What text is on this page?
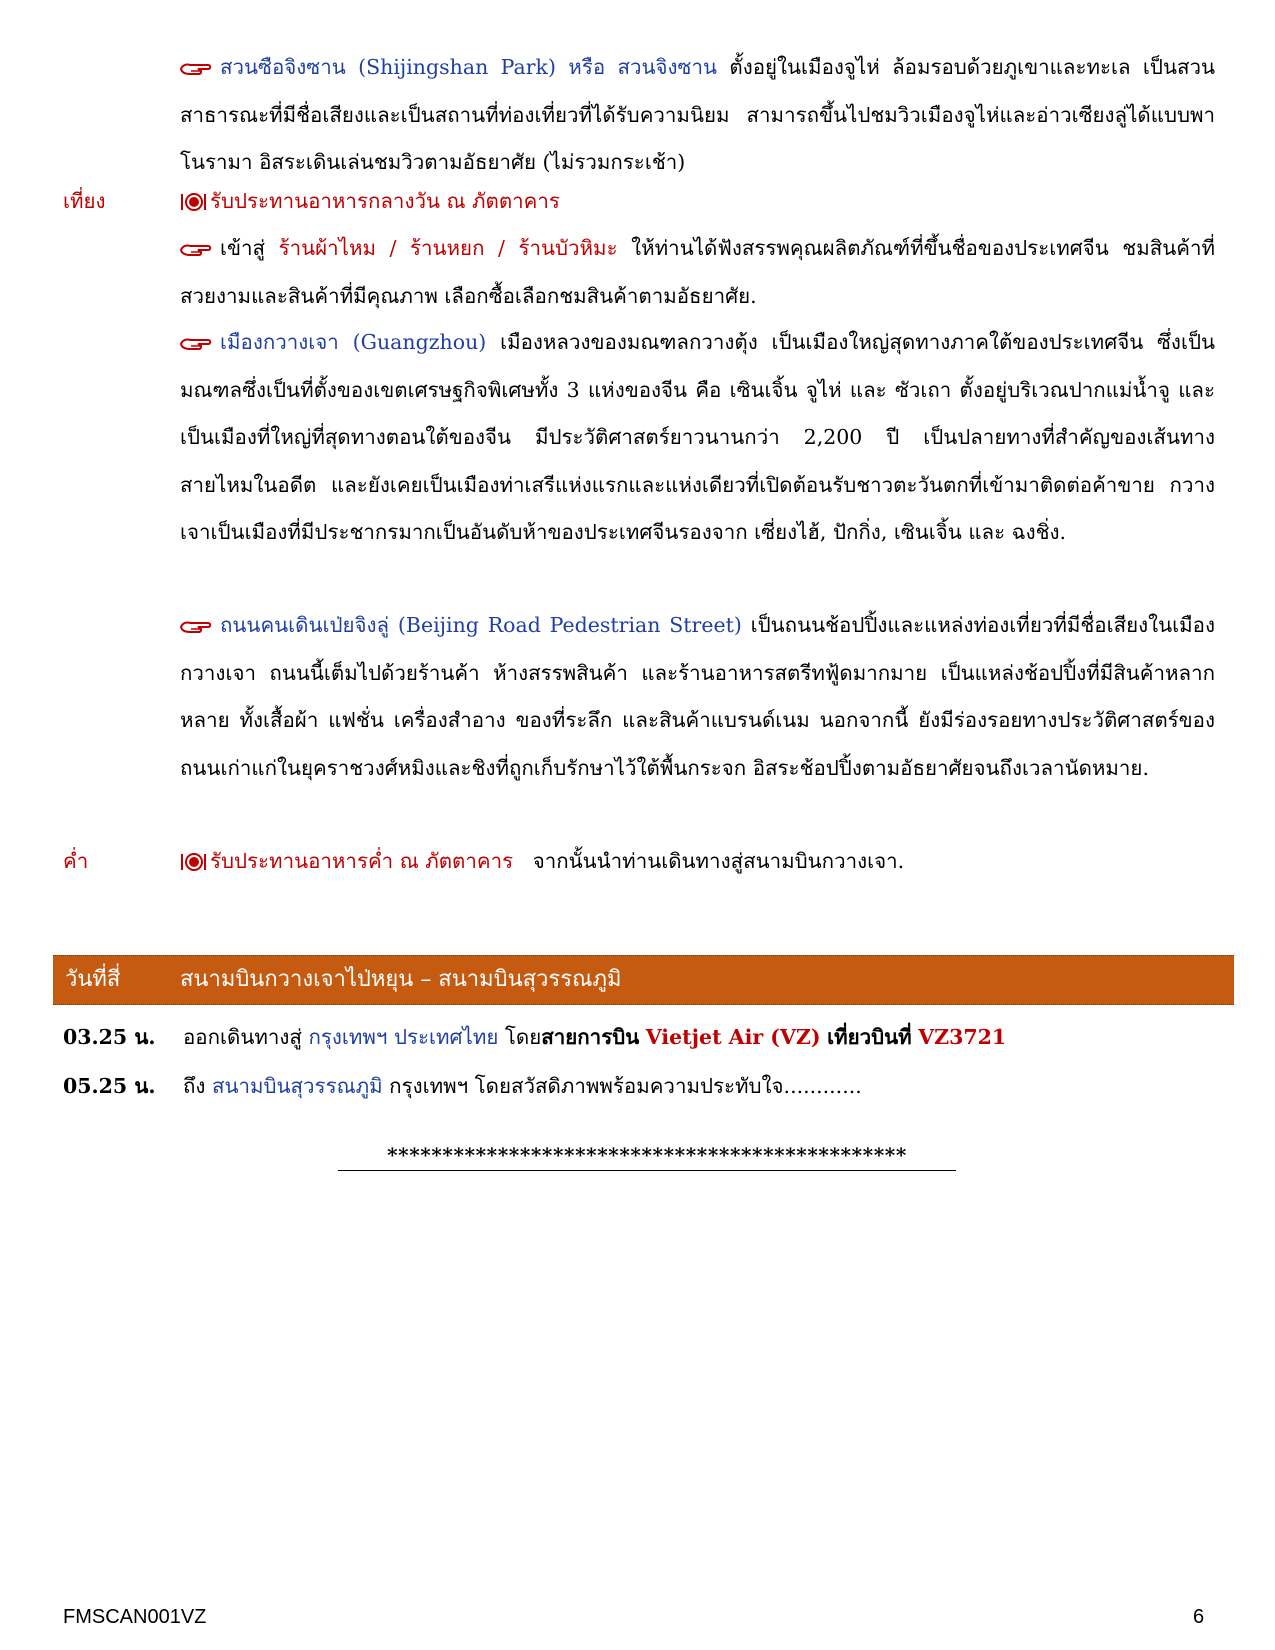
สวนซือจิงซาน (Shijingshan Park) หรือ สวนจิงซาน ตั้งอยู่ในเมืองจูไห่ ล้อมรอบด้วยภูเขาและทะเล เป็นสวนสาธารณะที่มีชื่อเสียงและเป็นสถานที่ท่องเที่ยวที่ได้รับความนิยม สามารถขึ้นไปชมวิวเมืองจูไห่และอ่าวเซียงลู่ได้แบบพาโนรามา อิสระเดินเล่นชมวิวตามอัธยาศัย (ไม่รวมกระเช้า)

เที่ยง	รับประทานอาหารกลางวัน ณ ภัตตาคาร

เข้าสู่ ร้านผ้าไหม / ร้านหยก / ร้านบัวหิมะ ให้ท่านได้ฟังสรรพคุณผลิตภัณฑ์ที่ขึ้นชื่อของประเทศจีน ชมสินค้าที่สวยงามและสินค้าที่มีคุณภาพ เลือกซื้อเลือกชมสินค้าตามอัธยาศัย.

เมืองกวางเจา (Guangzhou) เมืองหลวงของมณฑลกวางตุ้ง เป็นเมืองใหญ่สุดทางภาคใต้ของประเทศจีน ซึ่งเป็นมณฑลซึ่งเป็นที่ตั้งของเขตเศรษฐกิจพิเศษทั้ง 3 แห่งของจีน คือ เซินเจิ้น จูไห่ และ ซัวเถา ตั้งอยู่บริเวณปากแม่น้ำจู และเป็นเมืองที่ใหญ่ที่สุดทางตอนใต้ของจีน มีประวัติศาสตร์ยาวนานกว่า 2,200 ปี เป็นปลายทางที่สำคัญของเส้นทางสายไหมในอดีต และยังเคยเป็นเมืองท่าเสรีแห่งแรกและแห่งเดียวที่เปิดต้อนรับชาวตะวันตกที่เข้ามาติดต่อค้าขาย กวางเจาเป็นเมืองที่มีประชากรมากเป็นอันดับห้าของประเทศจีนรองจาก เซี่ยงไฮ้, ปักกิ่ง, เซินเจิ้น และ ฉงชิ่ง.

ถนนคนเดินเป่ยจิงลู่ (Beijing Road Pedestrian Street) เป็นถนนช้อปปิ้งและแหล่งท่องเที่ยวที่มีชื่อเสียงในเมืองกวางเจา ถนนนี้เต็มไปด้วยร้านค้า ห้างสรรพสินค้า และร้านอาหารสตรีทฟู้ดมากมาย เป็นแหล่งช้อปปิ้งที่มีสินค้าหลากหลาย ทั้งเสื้อผ้า แฟชั่น เครื่องสำอาง ของที่ระลึก และสินค้าแบรนด์เนม นอกจากนี้ ยังมีร่องรอยทางประวัติศาสตร์ของถนนเก่าแก่ในยุคราชวงศ์หมิงและชิงที่ถูกเก็บรักษาไว้ใต้พื้นกระจก อิสระช้อปปิ้งตามอัธยาศัยจนถึงเวลานัดหมาย.

ค่ำ	รับประทานอาหารค่ำ ณ ภัตตาคาร จากนั้นนำท่านเดินทางสู่สนามบินกวางเจา.

วันที่สี่	สนามบินกวางเจาไป่หยุน – สนามบินสุวรรณภูมิ
03.25 น. ออกเดินทางสู่ กรุงเทพฯ ประเทศไทย โดยสายการบิน Vietjet Air (VZ) เที่ยวบินที่ VZ3721
05.25 น. ถึง สนามบินสุวรรณภูมิ กรุงเทพฯ โดยสวัสดิภาพพร้อมความประทับใจ............
***********************************************
FMSCAN001VZ	6
